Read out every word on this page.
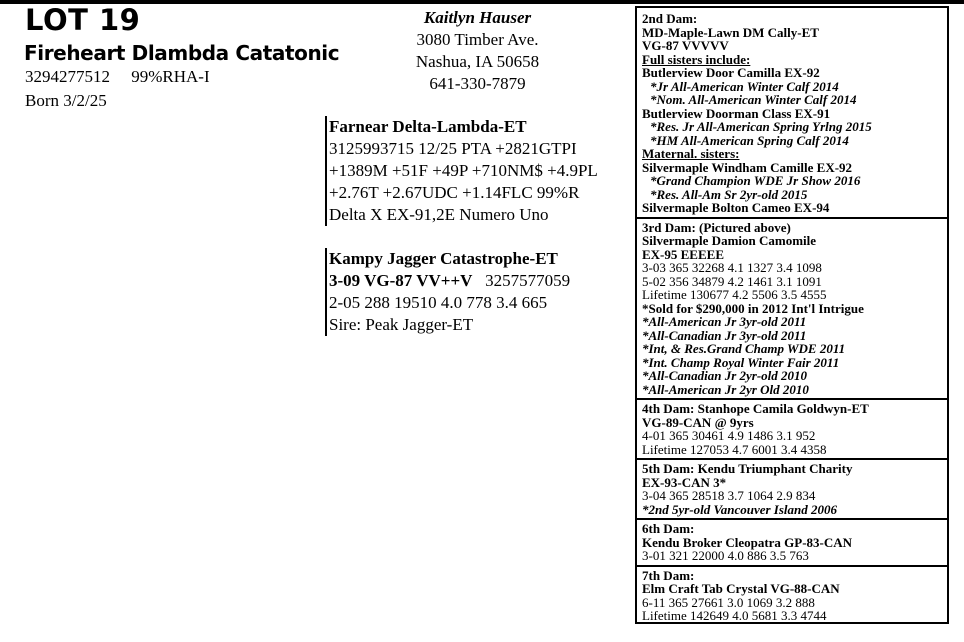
LOT 19
Fireheart Dlambda Catatonic
3294277512 99%RHA-I
Born 3/2/25
Kaitlyn Hauser
3080 Timber Ave.
Nashua, IA 50658
641-330-7879
Farnear Delta-Lambda-ET
3125993715 12/25 PTA +2821GTPI
+1389M +51F +49P +710NM$ +4.9PL
+2.76T +2.67UDC +1.14FLC 99%R
Delta X EX-91,2E Numero Uno
Kampy Jagger Catastrophe-ET
3-09 VG-87 VV++V 3257577059
2-05 288 19510 4.0 778 3.4 665
Sire: Peak Jagger-ET
2nd Dam:
MD-Maple-Lawn DM Cally-ET
VG-87 VVVVV
Full sisters include:
Butlerview Door Camilla EX-92
*Jr All-American Winter Calf 2014
*Nom. All-American Winter Calf 2014
Butlerview Doorman Class EX-91
*Res. Jr All-American Spring Yrlng 2015
*HM All-American Spring Calf 2014
Maternal. sisters:
Silvermaple Windham Camille EX-92
*Grand Champion WDE Jr Show 2016
*Res. All-Am Sr 2yr-old 2015
Silvermaple Bolton Cameo EX-94
3rd Dam: (Pictured above)
Silvermaple Damion Camomile
EX-95 EEEEE
3-03 365 32268 4.1 1327 3.4 1098
5-02 356 34879 4.2 1461 3.1 1091
Lifetime 130677 4.2 5506 3.5 4555
*Sold for $290,000 in 2012 Int'l Intrigue
*All-American Jr 3yr-old 2011
*All-Canadian Jr 3yr-old 2011
*Int, & Res.Grand Champ WDE 2011
*Int. Champ Royal Winter Fair 2011
*All-Canadian Jr 2yr-old 2010
*All-American Jr 2yr Old 2010
4th Dam: Stanhope Camila Goldwyn-ET
VG-89-CAN @ 9yrs
4-01 365 30461 4.9 1486 3.1 952
Lifetime 127053 4.7 6001 3.4 4358
5th Dam: Kendu Triumphant Charity
EX-93-CAN 3*
3-04 365 28518 3.7 1064 2.9 834
*2nd 5yr-old Vancouver Island 2006
6th Dam:
Kendu Broker Cleopatra GP-83-CAN
3-01 321 22000 4.0 886 3.5 763
7th Dam:
Elm Craft Tab Crystal VG-88-CAN
6-11 365 27661 3.0 1069 3.2 888
Lifetime 142649 4.0 5681 3.3 4744
